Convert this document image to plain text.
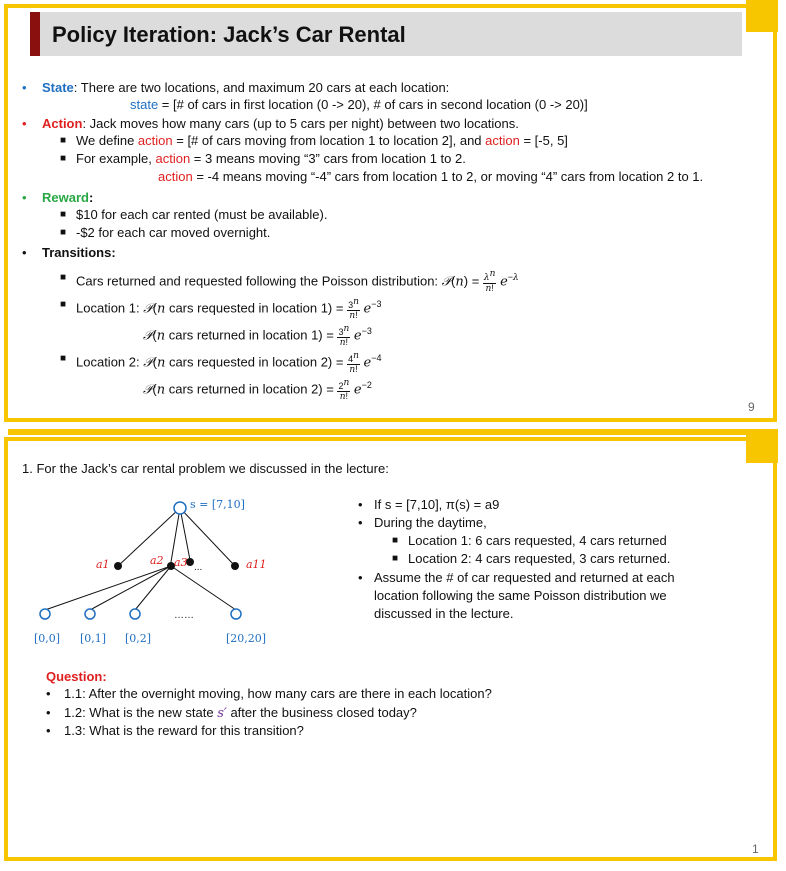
Policy Iteration: Jack’s Car Rental
• State: There are two locations, and maximum 20 cars at each location:
state = [# of cars in first location (0 -> 20), # of cars in second location (0 -> 20)]
• Action: Jack moves how many cars (up to 5 cars per night) between two locations.
■ We define action = [# of cars moving from location 1 to location 2], and action = [-5, 5]
■ For example, action = 3 means moving “3” cars from location 1 to 2.
action = -4 means moving “-4” cars from location 1 to 2, or moving “4” cars from location 2 to 1.
• Reward:
■ $10 for each car rented (must be available).
■ -$2 for each car moved overnight.
• Transitions:
■ Cars returned and requested following the Poisson distribution: 𝒫(n) = $\frac{\lambda^n}{n!} e^{-\lambda}$
■ Location 1: 𝒫(n cars requested in location $1) = \frac{3^n}{n!} e^{-3}$
𝒫(n cars returned in location $1) = \frac{3^n}{n!} e^{-3}$
■ Location 2: 𝒫(n cars requested in location $2) = \frac{4^n}{n!} e^{-4}$
𝒫(n cars returned in location $2) = \frac{2^n}{n!} e^{-2}$
9
1. For the Jack’s car rental problem we discussed in the lecture:
...
……
s = [7,10]
a1	a2 a3	a11
[0,0] [0,1] [0,2]	[20,20]
• If s = [7,10], π(s) = a9
• During the daytime,
■ Location 1: 6 cars requested, 4 cars returned
■ Location 2: 4 cars requested, 3 cars returned.
• Assume the # of car requested and returned at each
location following the same Poisson distribution we
discussed in the lecture.
Question:
• 1.1: After the overnight moving, how many cars are there in each location?
• 1.2: What is the new state s′ after the business closed today?
• 1.3: What is the reward for this transition?
1
